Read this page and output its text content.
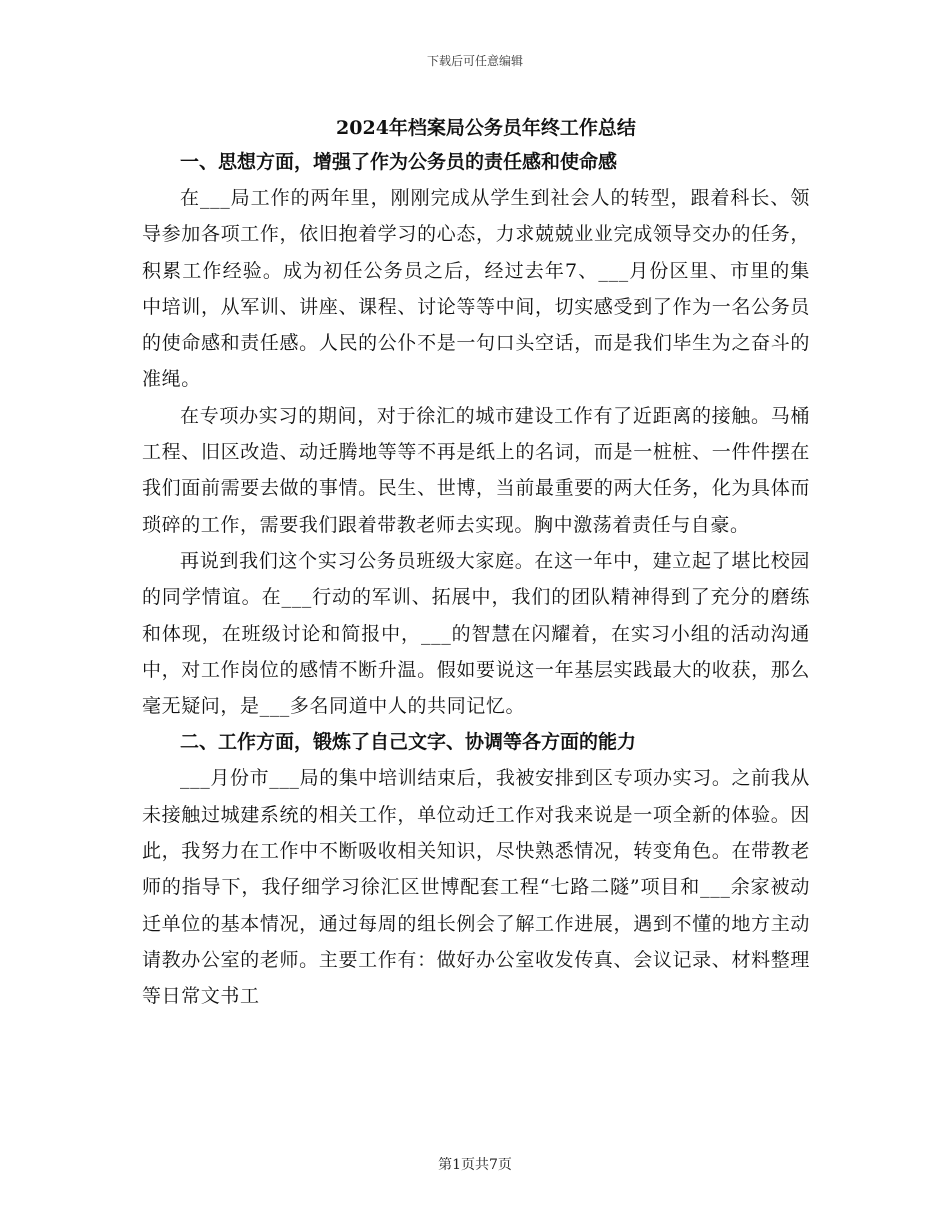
下载后可任意编辑
2024年档案局公务员年终工作总结
一、思想方面，增强了作为公务员的责任感和使命感

在___局工作的两年里，刚刚完成从学生到社会人的转型，跟着科长、领导参加各项工作，依旧抱着学习的心态，力求兢兢业业完成领导交办的任务，积累工作经验。成为初任公务员之后，经过去年7、___月份区里、市里的集中培训，从军训、讲座、课程、讨论等等中间，切实感受到了作为一名公务员的使命感和责任感。人民的公仆不是一句口头空话，而是我们毕生为之奋斗的准绳。

在专项办实习的期间，对于徐汇的城市建设工作有了近距离的接触。马桶工程、旧区改造、动迁腾地等等不再是纸上的名词，而是一桩桩、一件件摆在我们面前需要去做的事情。民生、世博，当前最重要的两大任务，化为具体而琐碎的工作，需要我们跟着带教老师去实现。胸中激荡着责任与自豪。

再说到我们这个实习公务员班级大家庭。在这一年中，建立起了堪比校园的同学情谊。在___行动的军训、拓展中，我们的团队精神得到了充分的磨练和体现，在班级讨论和简报中，___的智慧在闪耀着，在实习小组的活动沟通中，对工作岗位的感情不断升温。假如要说这一年基层实践最大的收获，那么毫无疑问，是___多名同道中人的共同记忆。

二、工作方面，锻炼了自己文字、协调等各方面的能力

___月份市___局的集中培训结束后，我被安排到区专项办实习。之前我从未接触过城建系统的相关工作，单位动迁工作对我来说是一项全新的体验。因此，我努力在工作中不断吸收相关知识，尽快熟悉情况，转变角色。在带教老师的指导下，我仔细学习徐汇区世博配套工程“七路二隧”项目和___余家被动迁单位的基本情况，通过每周的组长例会了解工作进展，遇到不懂的地方主动请教办公室的老师。主要工作有：做好办公室收发传真、会议记录、材料整理等日常文书工

第1页共7页
